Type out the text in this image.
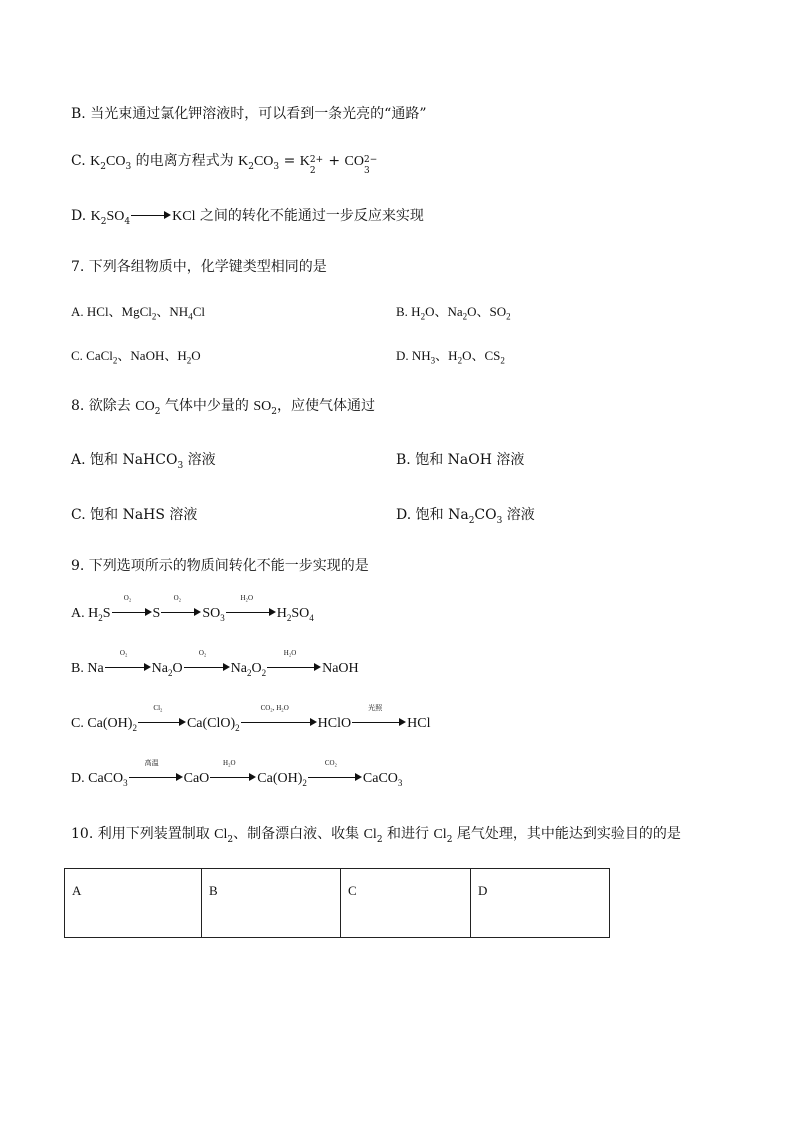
B. 当光束通过氯化钾溶液时，可以看到一条光亮的“通路”
C. $K_2CO_3$ 的电离方程式为 $K_2CO_3 = K$ 2+
2
+ CO 2−
3
D. $K_2SO_4$	KCl 之间的转化不能通过一步反应来实现
7. 下列各组物质中，化学键类型相同的是
A. HCl、MgCl$_2$、$NH_4Cl$	B. $H_2O$、$Na_2O$、$SO_2$
C. CaCl$_2$、NaOH、$H_2O$	D. $NH_3$、$H_2O$、$CS_2$
8. 欲除去 $CO_2$ 气体中少量的 $SO_2$，应使气体通过
A. 饱和 NaHCO$_3$ 溶液	B. 饱和 NaOH 溶液
C. 饱和 NaHS 溶液	D. 饱和 $Na_2CO_3$ 溶液
9. 下列选项所示的物质间转化不能一步实现的是
A. $H_2S$
O₂
S
O₂
$SO_3$
H₂O
$H_2SO_4$
B. Na
O₂
$Na_2O$
O₂
$Na_2O_2$
H₂O
NaOH
C. $Ca(OH)_2$
Cl₂
$Ca(ClO)_2$
CO₂, H₂O
HClO
光照
HCl
D. CaCO$_3$
高温
CaO
H₂O
$Ca(OH)_2$
CO₂
CaCO$_3$
10. 利用下列装置制取 $Cl_2$、制备漂白液、收集 $Cl_2$ 和进行 $Cl_2$ 尾气处理，其中能达到实验目的的是
A	B	C	D
